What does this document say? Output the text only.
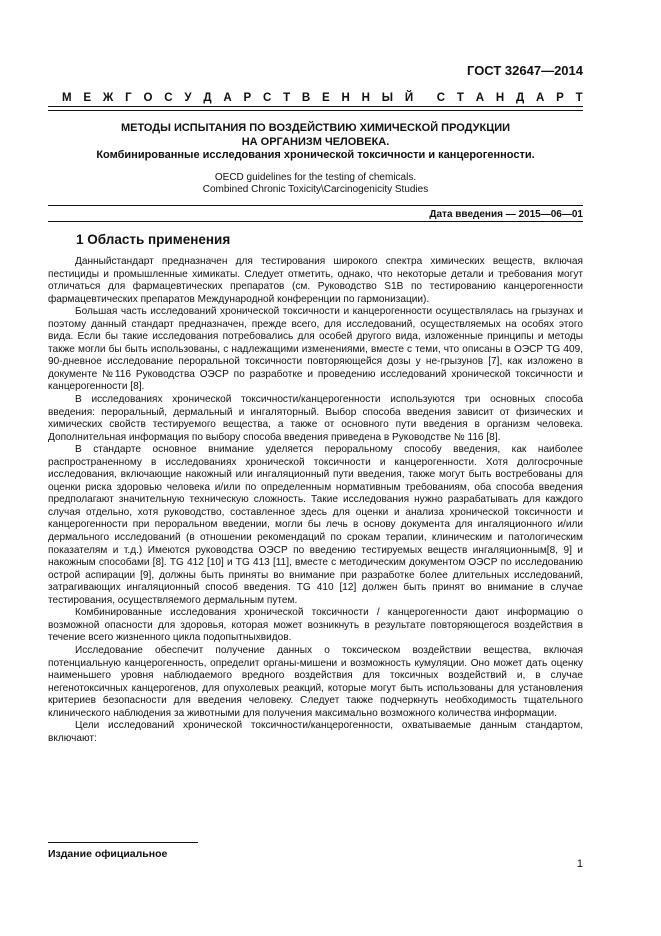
ГОСТ 32647—2014
М Е Ж Г О С У Д А Р С Т В Е Н Н Ы Й С Т А Н Д А Р Т
МЕТОДЫ ИСПЫТАНИЯ ПО ВОЗДЕЙСТВИЮ ХИМИЧЕСКОЙ ПРОДУКЦИИ
НА ОРГАНИЗМ ЧЕЛОВЕКА.
Комбинированные исследования хронической токсичности и канцерогенности.
OECD guidelines for the testing of chemicals.
Combined Chronic Toxicity\Carcinogenicity Studies
Дата введения — 2015—06—01
1 Область применения

Данныйстандарт предназначен для тестирования широкого спектра химических веществ, включая пестициды и промышленные химикаты. Следует отметить, однако, что некоторые детали и требования могут отличаться для фармацевтических препаратов (см. Руководство S1B по тестированию канцерогенности фармацевтических препаратов Международной конференции по гармонизации).

Большая часть исследований хронической токсичности и канцерогенности осуществлялась на грызунах и поэтому данный стандарт предназначен, прежде всего, для исследований, осуществляемых на особях этого вида. Если бы такие исследования потребовались для особей другого вида, изложенные принципы и методы также могли бы быть использованы, с надлежащими изменениями, вместе с теми, что описаны в ОЭСР TG 409, 90-дневное исследование пероральной токсичности повторяющейся дозы у не-грызунов [7], как изложено в документе №116 Руководства ОЭСР по разработке и проведению исследований хронической токсичности и канцерогенности [8].

В исследованиях хронической токсичности/канцерогенности используются три основных способа введения: пероральный, дермальный и ингаляторный. Выбор способа введения зависит от физических и химических свойств тестируемого вещества, а также от основного пути введения в организм человека. Дополнительная информация по выбору способа введения приведена в Руководстве № 116 [8].

В стандарте основное внимание уделяется пероральному способу введения, как наиболее распространенному в исследованиях хронической токсичности и канцерогенности. Хотя долгосрочные исследования, включающие накожный или ингаляционный пути введения, также могут быть востребованы для оценки риска здоровью человека и/или по определенным нормативным требованиям, оба способа введения предполагают значительную техническую сложность. Такие исследования нужно разрабатывать для каждого случая отдельно, хотя руководство, составленное здесь для оценки и анализа хронической токсичности и канцерогенности при пероральном введении, могли бы лечь в основу документа для ингаляционного и/или дермального исследований (в отношении рекомендаций по срокам терапии, клиническим и патологическим показателям и т.д.) Имеются руководства ОЭСР по введению тестируемых веществ ингаляционным[8, 9] и накожным способами [8]. TG 412 [10] и TG 413 [11], вместе с методическим документом ОЭСР по исследованию острой аспирации [9], должны быть приняты во внимание при разработке более длительных исследований, затрагивающих ингаляционный способ введения. TG 410 [12] должен быть принят во внимание в случае тестирования, осуществляемого дермальным путем.

Комбинированные исследования хронической токсичности / канцерогенности дают информацию о возможной опасности для здоровья, которая может возникнуть в результате повторяющегося воздействия в течение всего жизненного цикла подопытныхвидов.

Исследование обеспечит получение данных о токсическом воздействии вещества, включая потенциальную канцерогенность, определит органы-мишени и возможность кумуляции. Оно может дать оценку наименьшего уровня наблюдаемого вредного воздействия для токсичных воздействий и, в случае негенотоксичных канцерогенов, для опухолевых реакций, которые могут быть использованы для установления критериев безопасности для введения человеку. Следует также подчеркнуть необходимость тщательного клинического наблюдения за животными для получения максимально возможного количества информации.

Цели исследований хронической токсичности/канцерогенности, охватываемые данным стандартом, включают:

Издание официальное
1
